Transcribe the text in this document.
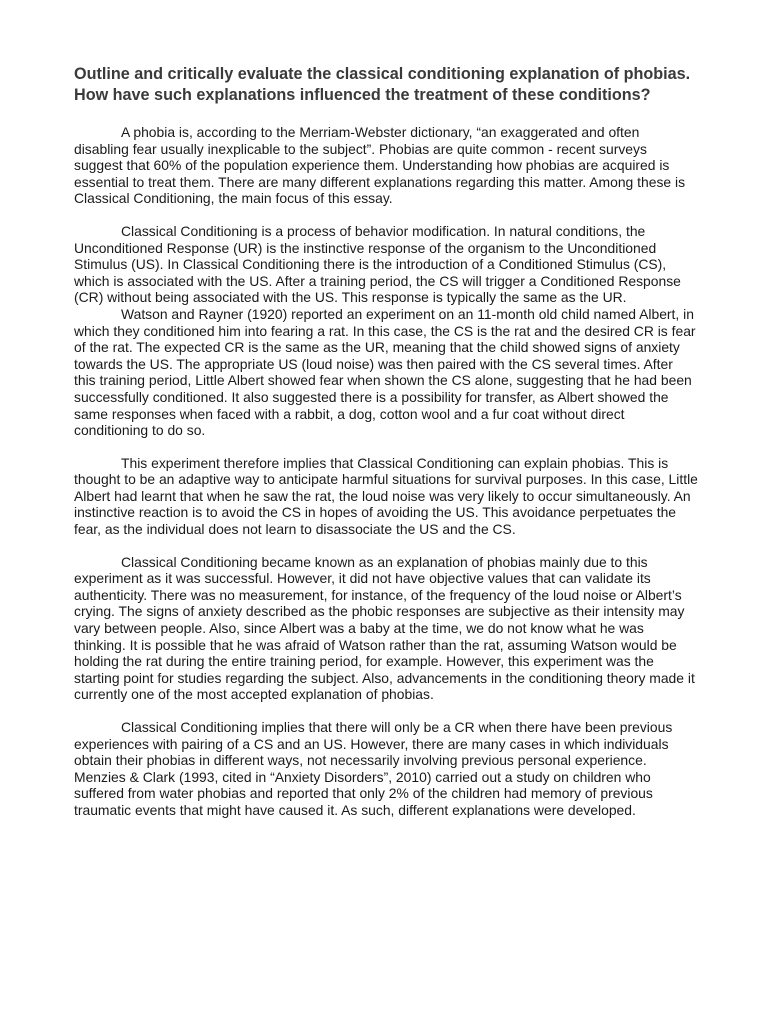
Outline and critically evaluate the classical conditioning explanation of phobias. How have such explanations influenced the treatment of these conditions?

A phobia is, according to the Merriam-Webster dictionary, “an exaggerated and often disabling fear usually inexplicable to the subject”. Phobias are quite common - recent surveys suggest that 60% of the population experience them. Understanding how phobias are acquired is essential to treat them. There are many different explanations regarding this matter. Among these is Classical Conditioning, the main focus of this essay.

Classical Conditioning is a process of behavior modification. In natural conditions, the Unconditioned Response (UR) is the instinctive response of the organism to the Unconditioned Stimulus (US). In Classical Conditioning there is the introduction of a Conditioned Stimulus (CS), which is associated with the US. After a training period, the CS will trigger a Conditioned Response (CR) without being associated with the US. This response is typically the same as the UR.

Watson and Rayner (1920) reported an experiment on an 11-month old child named Albert, in which they conditioned him into fearing a rat. In this case, the CS is the rat and the desired CR is fear of the rat. The expected CR is the same as the UR, meaning that the child showed signs of anxiety towards the US. The appropriate US (loud noise) was then paired with the CS several times. After this training period, Little Albert showed fear when shown the CS alone, suggesting that he had been successfully conditioned. It also suggested there is a possibility for transfer, as Albert showed the same responses when faced with a rabbit, a dog, cotton wool and a fur coat without direct conditioning to do so.

This experiment therefore implies that Classical Conditioning can explain phobias. This is thought to be an adaptive way to anticipate harmful situations for survival purposes. In this case, Little Albert had learnt that when he saw the rat, the loud noise was very likely to occur simultaneously. An instinctive reaction is to avoid the CS in hopes of avoiding the US. This avoidance perpetuates the fear, as the individual does not learn to disassociate the US and the CS.

Classical Conditioning became known as an explanation of phobias mainly due to this experiment as it was successful. However, it did not have objective values that can validate its authenticity. There was no measurement, for instance, of the frequency of the loud noise or Albert’s crying. The signs of anxiety described as the phobic responses are subjective as their intensity may vary between people. Also, since Albert was a baby at the time, we do not know what he was thinking. It is possible that he was afraid of Watson rather than the rat, assuming Watson would be holding the rat during the entire training period, for example. However, this experiment was the starting point for studies regarding the subject. Also, advancements in the conditioning theory made it currently one of the most accepted explanation of phobias.

Classical Conditioning implies that there will only be a CR when there have been previous experiences with pairing of a CS and an US. However, there are many cases in which individuals obtain their phobias in different ways, not necessarily involving previous personal experience. Menzies & Clark (1993, cited in “Anxiety Disorders”, 2010) carried out a study on children who suffered from water phobias and reported that only 2% of the children had memory of previous traumatic events that might have caused it. As such, different explanations were developed.
